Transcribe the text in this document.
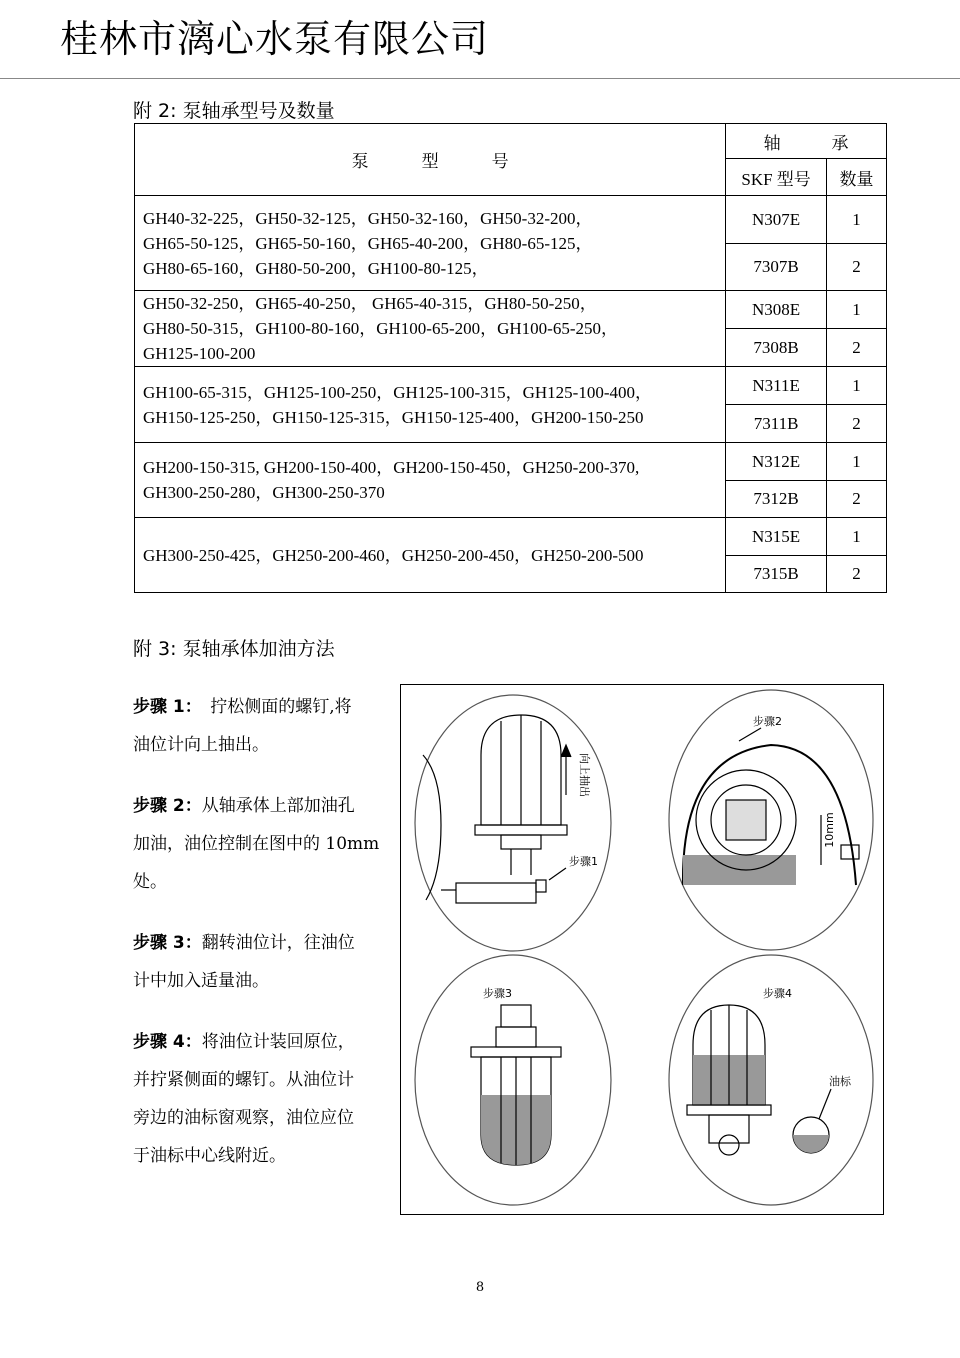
桂林市漓心水泵有限公司
附 2: 泵轴承型号及数量
泵 型 号	轴　　　承	
	SKF 型号	数量

GH40-32-225，GH50-32-125，GH50-32-160，GH50-32-200，
GH65-50-125，GH65-50-160，GH65-40-200，GH80-65-125，
GH80-65-160，GH80-50-200，GH100-80-125，	N307E	1
	7307B	2

GH50-32-250，GH65-40-250， GH65-40-315，GH80-50-250，
GH80-50-315，GH100-80-160，GH100-65-200，GH100-65-250，
GH125-100-200	N308E	1
	7308B	2

GH100-65-315，GH125-100-250，GH125-100-315，GH125-100-400，
GH150-125-250，GH150-125-315，GH150-125-400，GH200-150-250	N311E	1
	7311B	2

GH200-150-315, GH200-150-400，GH200-150-450，GH250-200-370,
GH300-250-280，GH300-250-370	N312E	1
	7312B	2

GH300-250-425，GH250-200-460，GH250-200-450，GH250-200-500	N315E	1
	7315B	2
附 3: 泵轴承体加油方法
步骤 1：　拧松侧面的螺钉,将
油位计向上抽出。
步骤 2：从轴承体上部加油孔
加油，油位控制在图中的 10mm
处。
步骤 3：翻转油位计，往油位
计中加入适量油。
步骤 4：将油位计装回原位，
并拧紧侧面的螺钉。从油位计
旁边的油标窗观察，油位应位
于油标中心线附近。
向上抽出
步骤1
步骤2
10mm
步骤3	步骤4
油标
8
